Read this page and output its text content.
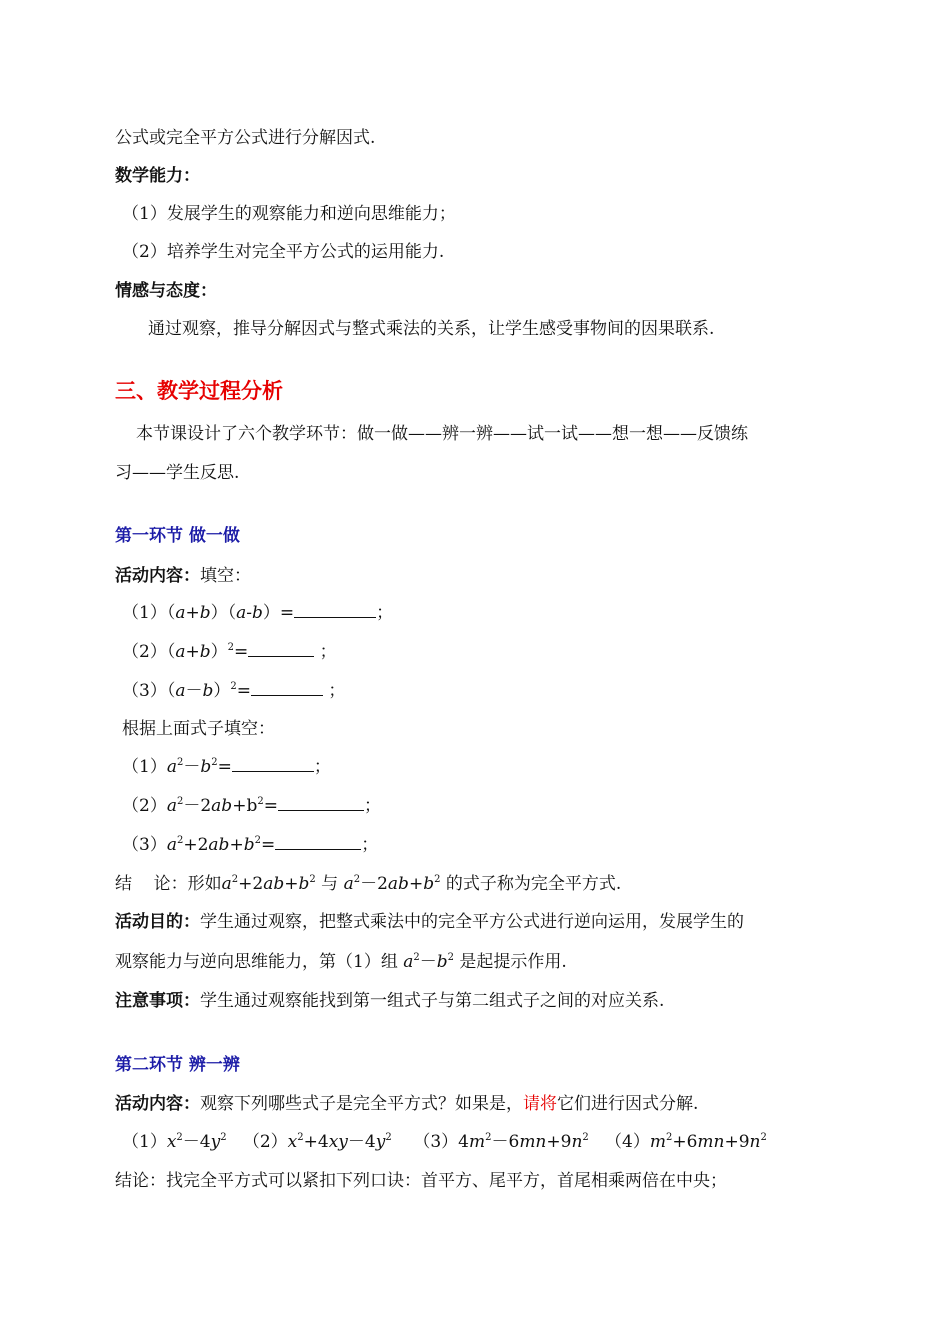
公式或完全平方公式进行分解因式.
数学能力：
（1）发展学生的观察能力和逆向思维能力；
（2）培养学生对完全平方公式的运用能力.
情感与态度：
通过观察，推导分解因式与整式乘法的关系，让学生感受事物间的因果联系.
三、教学过程分析
本节课设计了六个教学环节：做一做——辨一辨——试一试——想一想——反馈练
习——学生反思.
第一环节 做一做
活动内容：填空：
（1）（a+b）（a-b）=	；
$(2)(a+b)^2=$	；
$(3)(a-b)^2=$	；
根据上面式子填空：
$(1)a^2-b^2=$	；
$(2)a^2-2ab+b^2=$	；
$(3)a^2+2ab+b^2=$	；
结    论：形如$a^2+2ab+b^2$ 与 $a^2-2ab+b^2$ 的式子称为完全平方式.
活动目的：学生通过观察，把整式乘法中的完全平方公式进行逆向运用，发展学生的
观察能力与逆向思维能力，第（1）组 $a^2-b^2$ 是起提示作用.
注意事项：学生通过观察能找到第一组式子与第二组式子之间的对应关系.
第二环节 辨一辨
活动内容：观察下列哪些式子是完全平方式？如果是，请将它们进行因式分解.
$(1)x^2-4y^2$ $(2)x^2+4xy-4y^2$ $(3)4m^2-6mn+9n^2$ $(4)m^2+6mn+9n^2$
结论：找完全平方式可以紧扣下列口诀：首平方、尾平方，首尾相乘两倍在中央；
